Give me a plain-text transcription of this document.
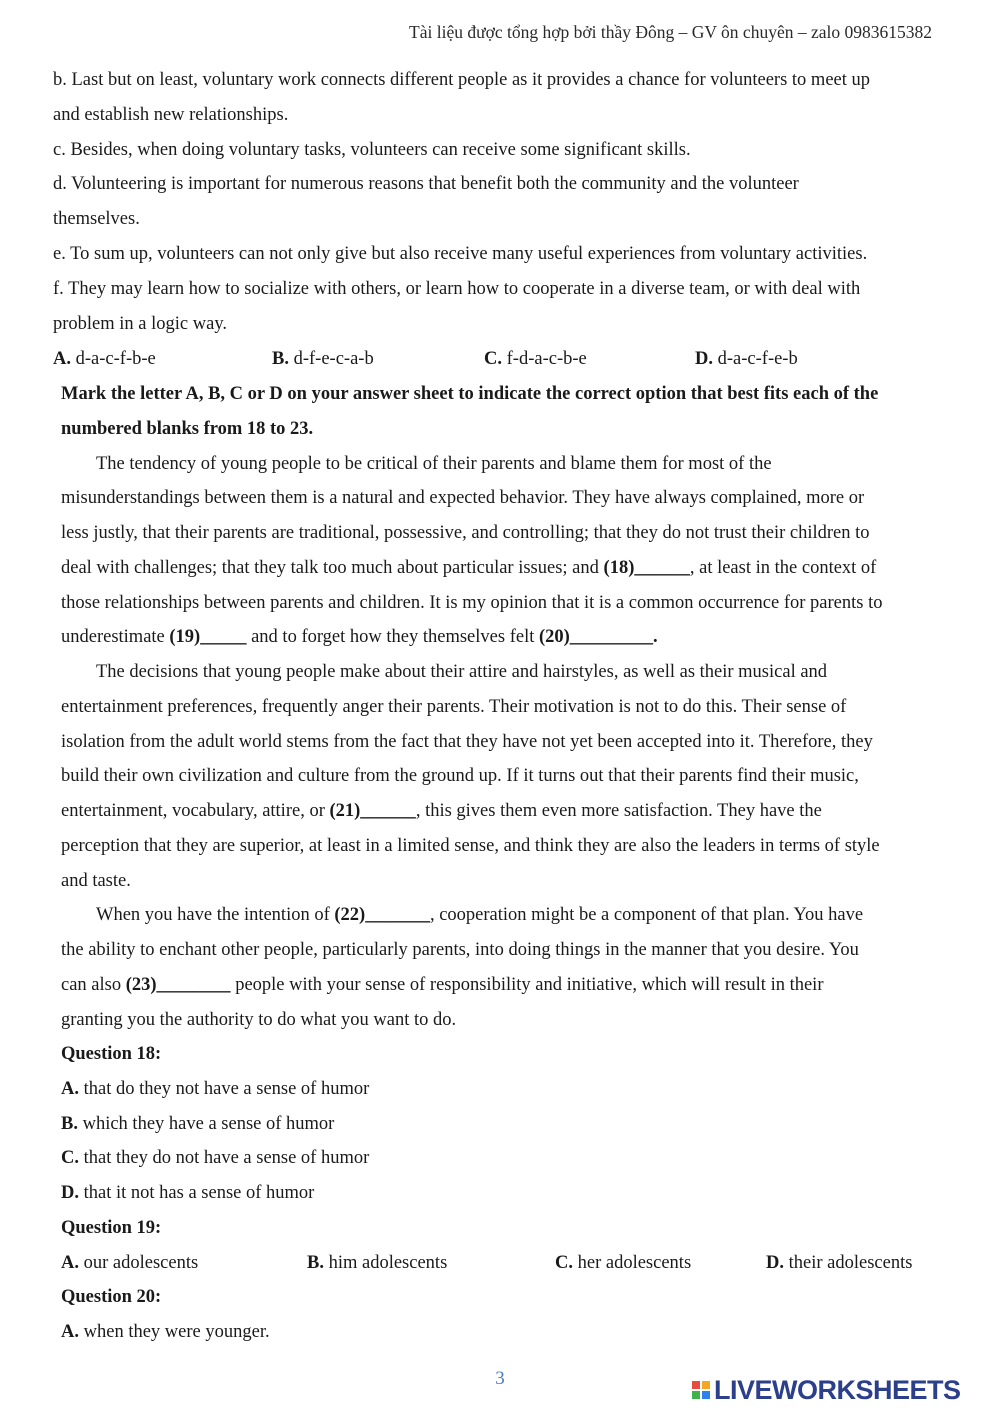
Tài liệu được tổng hợp bởi thầy Đông – GV ôn chuyên – zalo 0983615382
b. Last but on least, voluntary work connects different people as it provides a chance for volunteers to meet up
and establish new relationships.
c. Besides, when doing voluntary tasks, volunteers can receive some significant skills.
d. Volunteering is important for numerous reasons that benefit both the community and the volunteer
themselves.
e. To sum up, volunteers can not only give but also receive many useful experiences from voluntary activities.
f. They may learn how to socialize with others, or learn how to cooperate in a diverse team, or with deal with
problem in a logic way.
A. d-a-c-f-b-e	B. d-f-e-c-a-b	C. f-d-a-c-b-e	D. d-a-c-f-e-b
Mark the letter A, B, C or D on your answer sheet to indicate the correct option that best fits each of the
numbered blanks from 18 to 23.
The tendency of young people to be critical of their parents and blame them for most of the
misunderstandings between them is a natural and expected behavior. They have always complained, more or
less justly, that their parents are traditional, possessive, and controlling; that they do not trust their children to
deal with challenges; that they talk too much about particular issues; and (18)______, at least in the context of
those relationships between parents and children. It is my opinion that it is a common occurrence for parents to
underestimate (19)_____ and to forget how they themselves felt (20)_________.
The decisions that young people make about their attire and hairstyles, as well as their musical and
entertainment preferences, frequently anger their parents. Their motivation is not to do this. Their sense of
isolation from the adult world stems from the fact that they have not yet been accepted into it. Therefore, they
build their own civilization and culture from the ground up. If it turns out that their parents find their music,
entertainment, vocabulary, attire, or (21)______, this gives them even more satisfaction. They have the
perception that they are superior, at least in a limited sense, and think they are also the leaders in terms of style
and taste.
When you have the intention of (22)_______, cooperation might be a component of that plan. You have
the ability to enchant other people, particularly parents, into doing things in the manner that you desire. You
can also (23)________ people with your sense of responsibility and initiative, which will result in their
granting you the authority to do what you want to do.
Question 18:
A. that do they not have a sense of humor
B. which they have a sense of humor
C. that they do not have a sense of humor
D. that it not has a sense of humor
Question 19:
A. our adolescents	B. him adolescents	C. her adolescents	D. their adolescents
Question 20:
A. when they were younger.
3	LIVEWORKSHEETS
